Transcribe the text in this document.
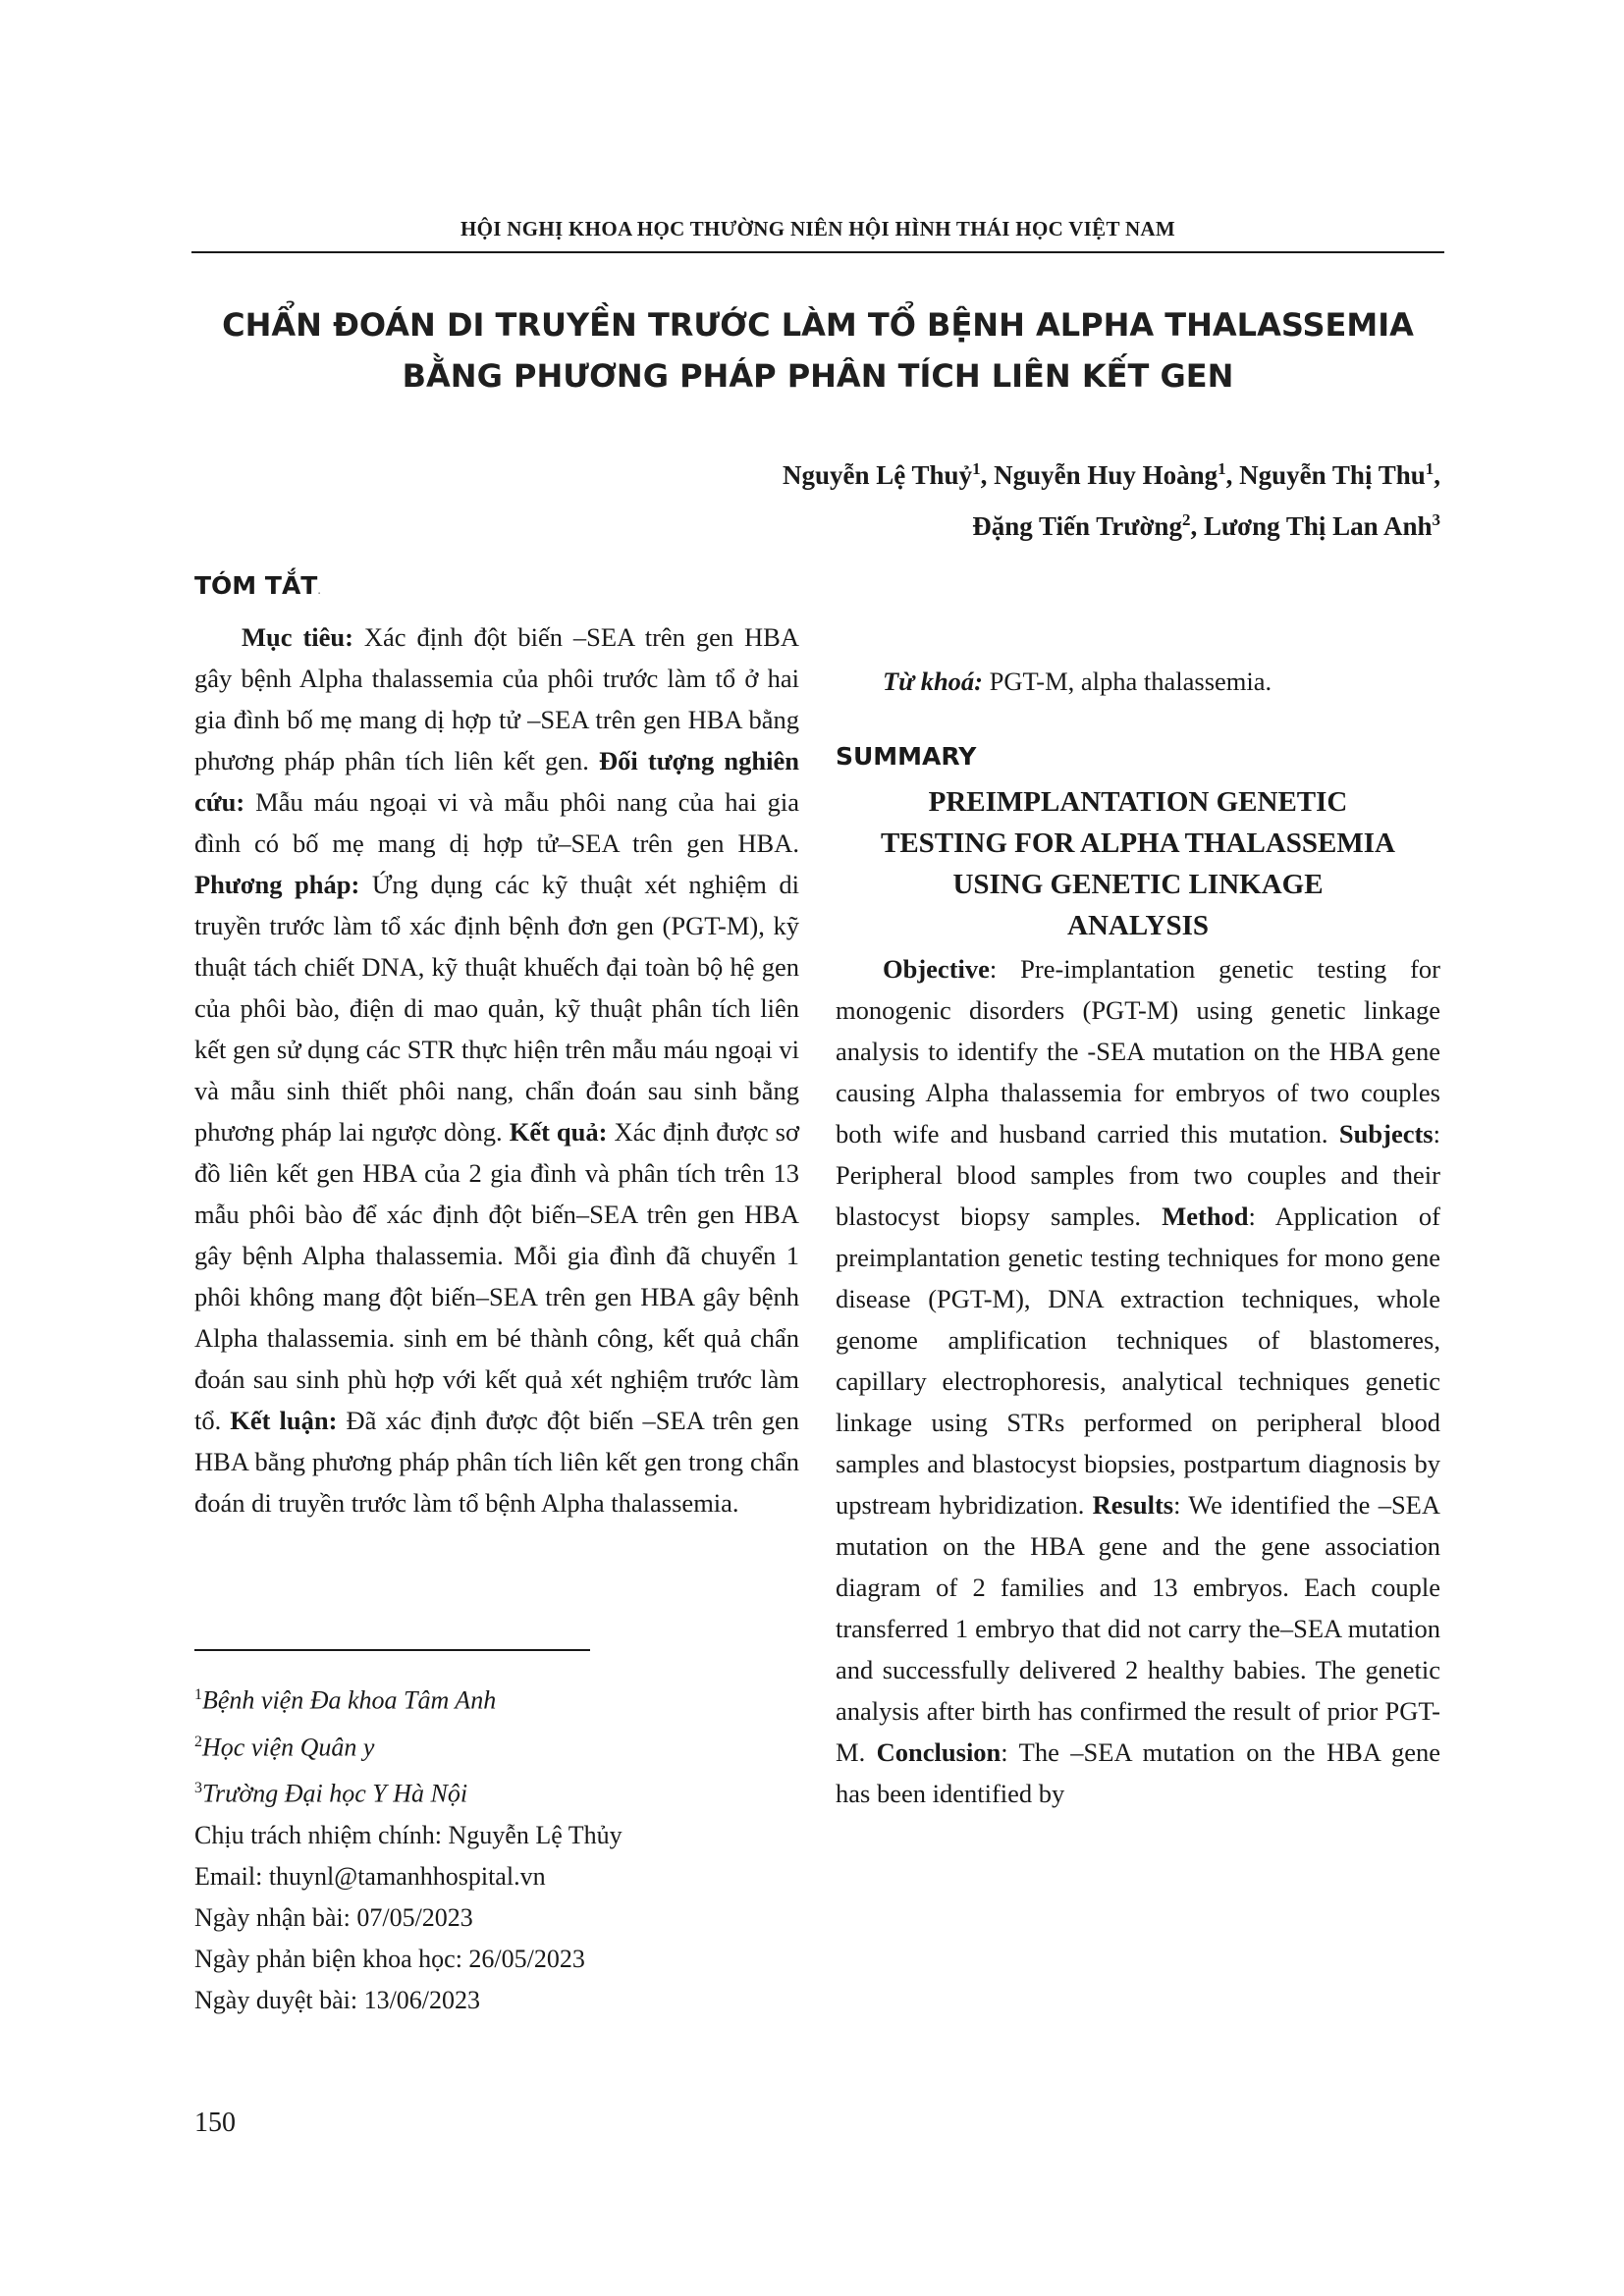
HỘI NGHỊ KHOA HỌC THƯỜNG NIÊN HỘI HÌNH THÁI HỌC VIỆT NAM
CHẨN ĐOÁN DI TRUYỀN TRƯỚC LÀM TỔ BỆNH ALPHA THALASSEMIA
BẰNG PHƯƠNG PHÁP PHÂN TÍCH LIÊN KẾT GEN
Nguyễn Lệ Thuỷ$^1$, Nguyễn Huy Hoàng$^1$, Nguyễn Thị Thu$^1$,
Đặng Tiến Trường$^2$, Lương Thị Lan Anh$^3$
TÓM TẮT.
Mục tiêu: Xác định đột biến –SEA trên gen HBA gây bệnh Alpha thalassemia của phôi trước làm tổ ở hai gia đình bố mẹ mang dị hợp tử –SEA trên gen HBA bằng phương pháp phân tích liên kết gen. Đối tượng nghiên cứu: Mẫu máu ngoại vi và mẫu phôi nang của hai gia đình có bố mẹ mang dị hợp tử–SEA trên gen HBA. Phương pháp: Ứng dụng các kỹ thuật xét nghiệm di truyền trước làm tổ xác định bệnh đơn gen (PGT-M), kỹ thuật tách chiết DNA, kỹ thuật khuếch đại toàn bộ hệ gen của phôi bào, điện di mao quản, kỹ thuật phân tích liên kết gen sử dụng các STR thực hiện trên mẫu máu ngoại vi và mẫu sinh thiết phôi nang, chẩn đoán sau sinh bằng phương pháp lai ngược dòng. Kết quả: Xác định được sơ đồ liên kết gen HBA của 2 gia đình và phân tích trên 13 mẫu phôi bào để xác định đột biến–SEA trên gen HBA gây bệnh Alpha thalassemia. Mỗi gia đình đã chuyển 1 phôi không mang đột biến–SEA trên gen HBA gây bệnh Alpha thalassemia. sinh em bé thành công, kết quả chẩn đoán sau sinh phù hợp với kết quả xét nghiệm trước làm tổ. Kết luận: Đã xác định được đột biến –SEA trên gen HBA bằng phương pháp phân tích liên kết gen trong chẩn đoán di truyền trước làm tổ bệnh Alpha thalassemia.
Từ khoá: PGT-M, alpha thalassemia.
$^1$Bệnh viện Đa khoa Tâm Anh
$^2$Học viện Quân y
$^3$Trường Đại học Y Hà Nội
Chịu trách nhiệm chính: Nguyễn Lệ Thủy
Email: thuynl@tamanhhospital.vn
Ngày nhận bài: 07/05/2023
Ngày phản biện khoa học: 26/05/2023
Ngày duyệt bài: 13/06/2023
SUMMARY
PREIMPLANTATION GENETIC
TESTING FOR ALPHA THALASSEMIA
USING GENETIC LINKAGE
ANALYSIS
Objective: Pre-implantation genetic testing for monogenic disorders (PGT-M) using genetic linkage analysis to identify the -SEA mutation on the HBA gene causing Alpha thalassemia for embryos of two couples both wife and husband carried this mutation. Subjects: Peripheral blood samples from two couples and their blastocyst biopsy samples. Method: Application of preimplantation genetic testing techniques for mono gene disease (PGT-M), DNA extraction techniques, whole genome amplification techniques of blastomeres, capillary electrophoresis, analytical techniques genetic linkage using STRs performed on peripheral blood samples and blastocyst biopsies, postpartum diagnosis by upstream hybridization. Results: We identified the –SEA mutation on the HBA gene and the gene association diagram of 2 families and 13 embryos. Each couple transferred 1 embryo that did not carry the–SEA mutation and successfully delivered 2 healthy babies. The genetic analysis after birth has confirmed the result of prior PGT-M. Conclusion: The –SEA mutation on the HBA gene has been identified by
150
